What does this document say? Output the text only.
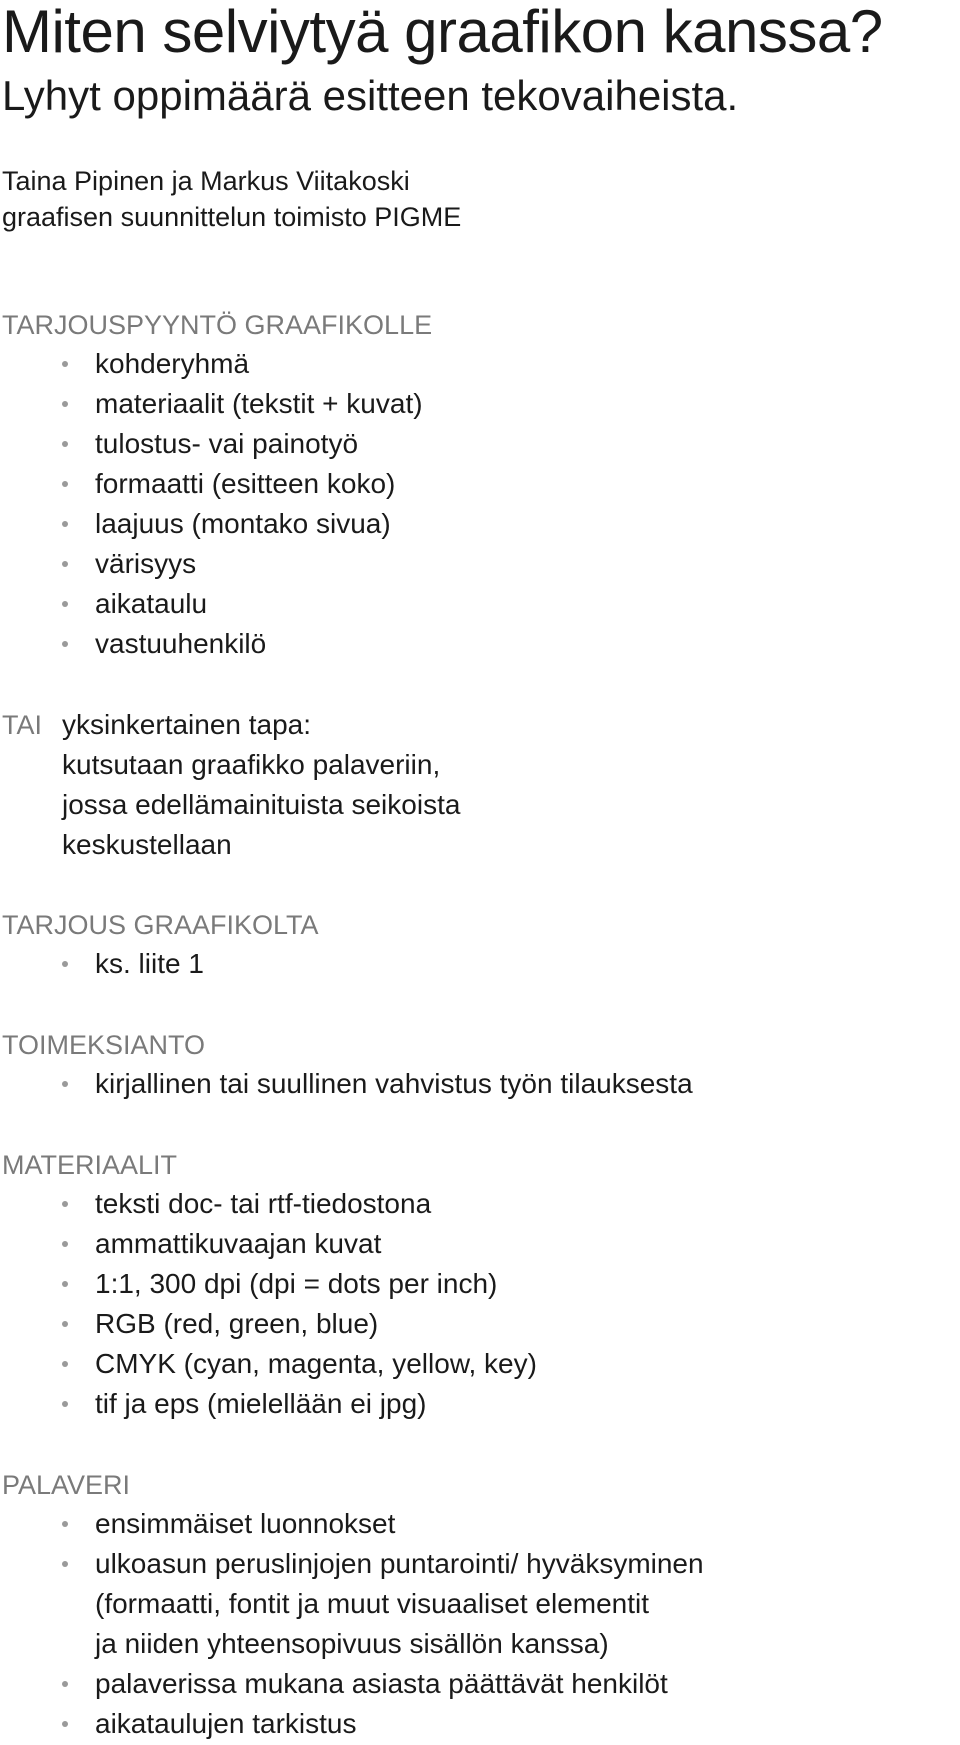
Miten selviytyä graafikon kanssa?
Lyhyt oppimäärä esitteen tekovaiheista.
Taina Pipinen ja Markus Viitakoski
graafisen suunnittelun toimisto PIGME
TARJOUSPYYNTÖ GRAAFIKOLLE
kohderyhmä
materiaalit (tekstit + kuvat)
tulostus- vai painotyö
formaatti (esitteen koko)
laajuus (montako sivua)
värisyys
aikataulu
vastuuhenkilö
TAI yksinkertainen tapa:
kutsutaan graafikko palaveriin,
jossa edellämainituista seikoista
keskustellaan
TARJOUS GRAAFIKOLTA
ks. liite 1
TOIMEKSIANTO
kirjallinen tai suullinen vahvistus työn tilauksesta
MATERIAALIT
teksti doc- tai rtf-tiedostona
ammattikuvaajan kuvat
1:1, 300 dpi (dpi = dots per inch)
RGB (red, green, blue)
CMYK (cyan, magenta, yellow, key)
tif ja eps (mielellään ei jpg)
PALAVERI
ensimmäiset luonnokset
ulkoasun peruslinjojen puntarointi/ hyväksyminen
(formaatti, fontit ja muut visuaaliset elementit
ja niiden yhteensopivuus sisällön kanssa)
palaverissa mukana asiasta päättävät henkilöt
aikataulujen tarkistus
